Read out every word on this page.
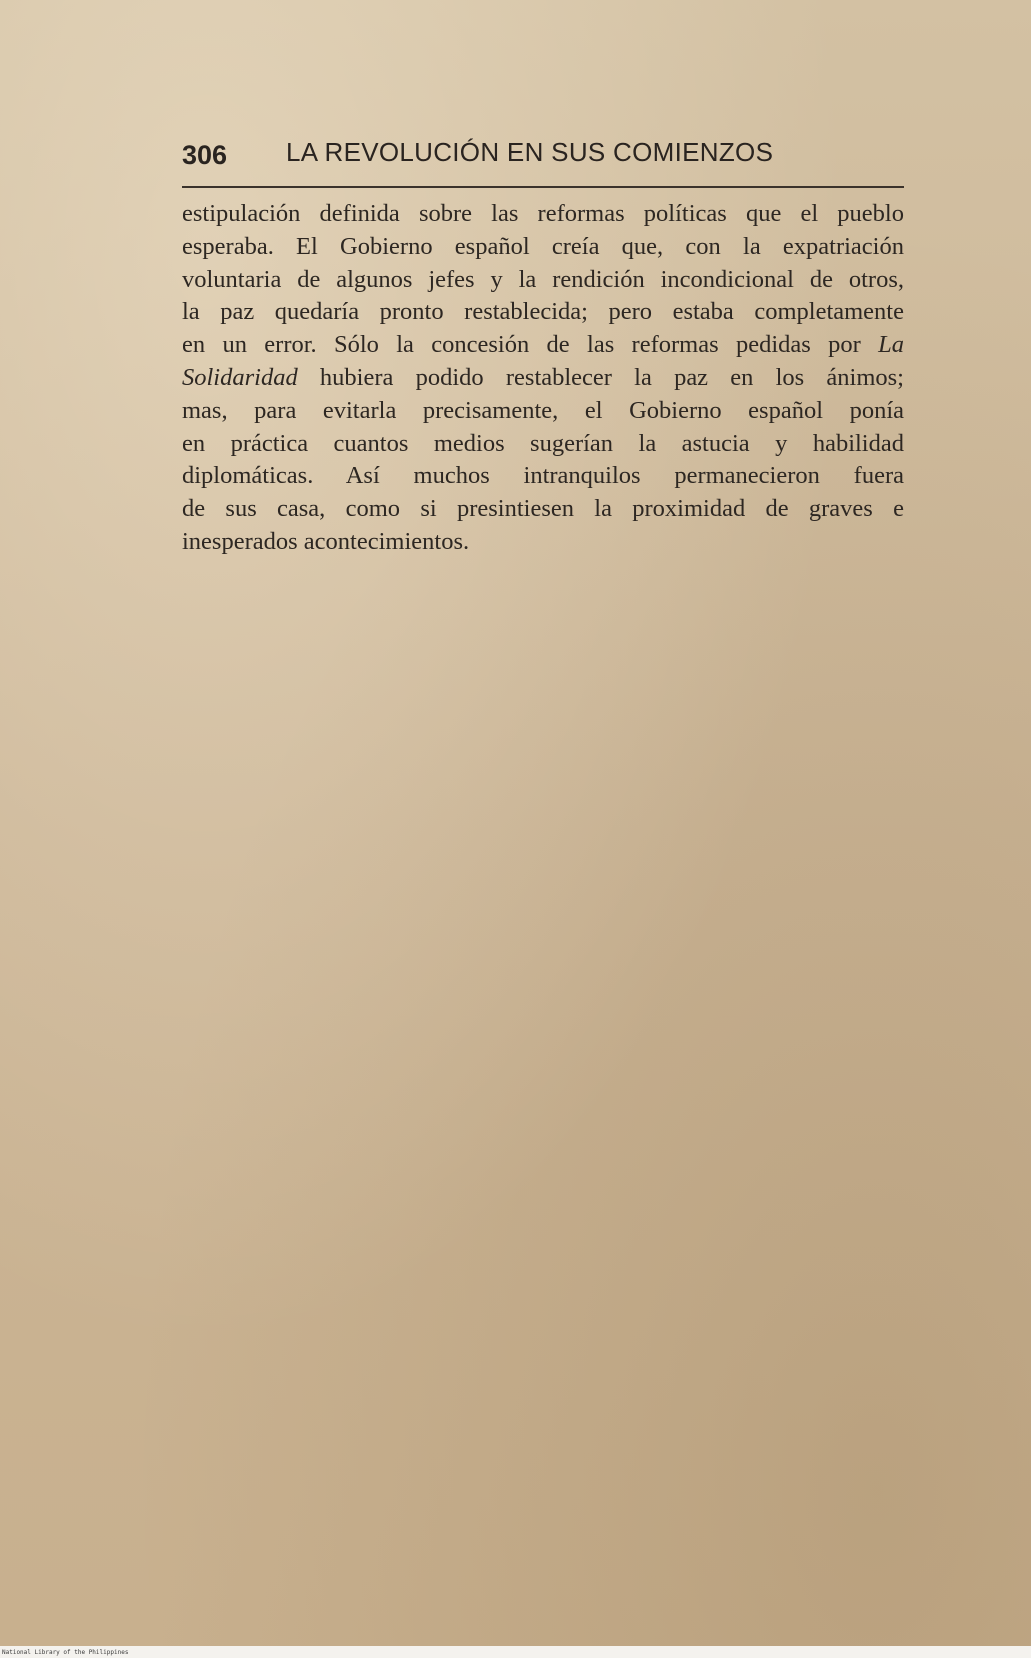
306 LA REVOLUCIÓN EN SUS COMIENZOS
estipulación definida sobre las reformas políticas que el pueblo
esperaba. El Gobierno español creía que, con la expatriación
voluntaria de algunos jefes y la rendición incondicional de otros,
la paz quedaría pronto restablecida; pero estaba completamente
en un error. Sólo la concesión de las reformas pedidas por La
Solidaridad hubiera podido restablecer la paz en los ánimos;
mas, para evitarla precisamente, el Gobierno español ponía
en práctica cuantos medios sugerían la astucia y habilidad
diplomáticas. Así muchos intranquilos permanecieron fuera
de sus casa, como si presintiesen la proximidad de graves e
inesperados acontecimientos.
National Library of the Philippines
